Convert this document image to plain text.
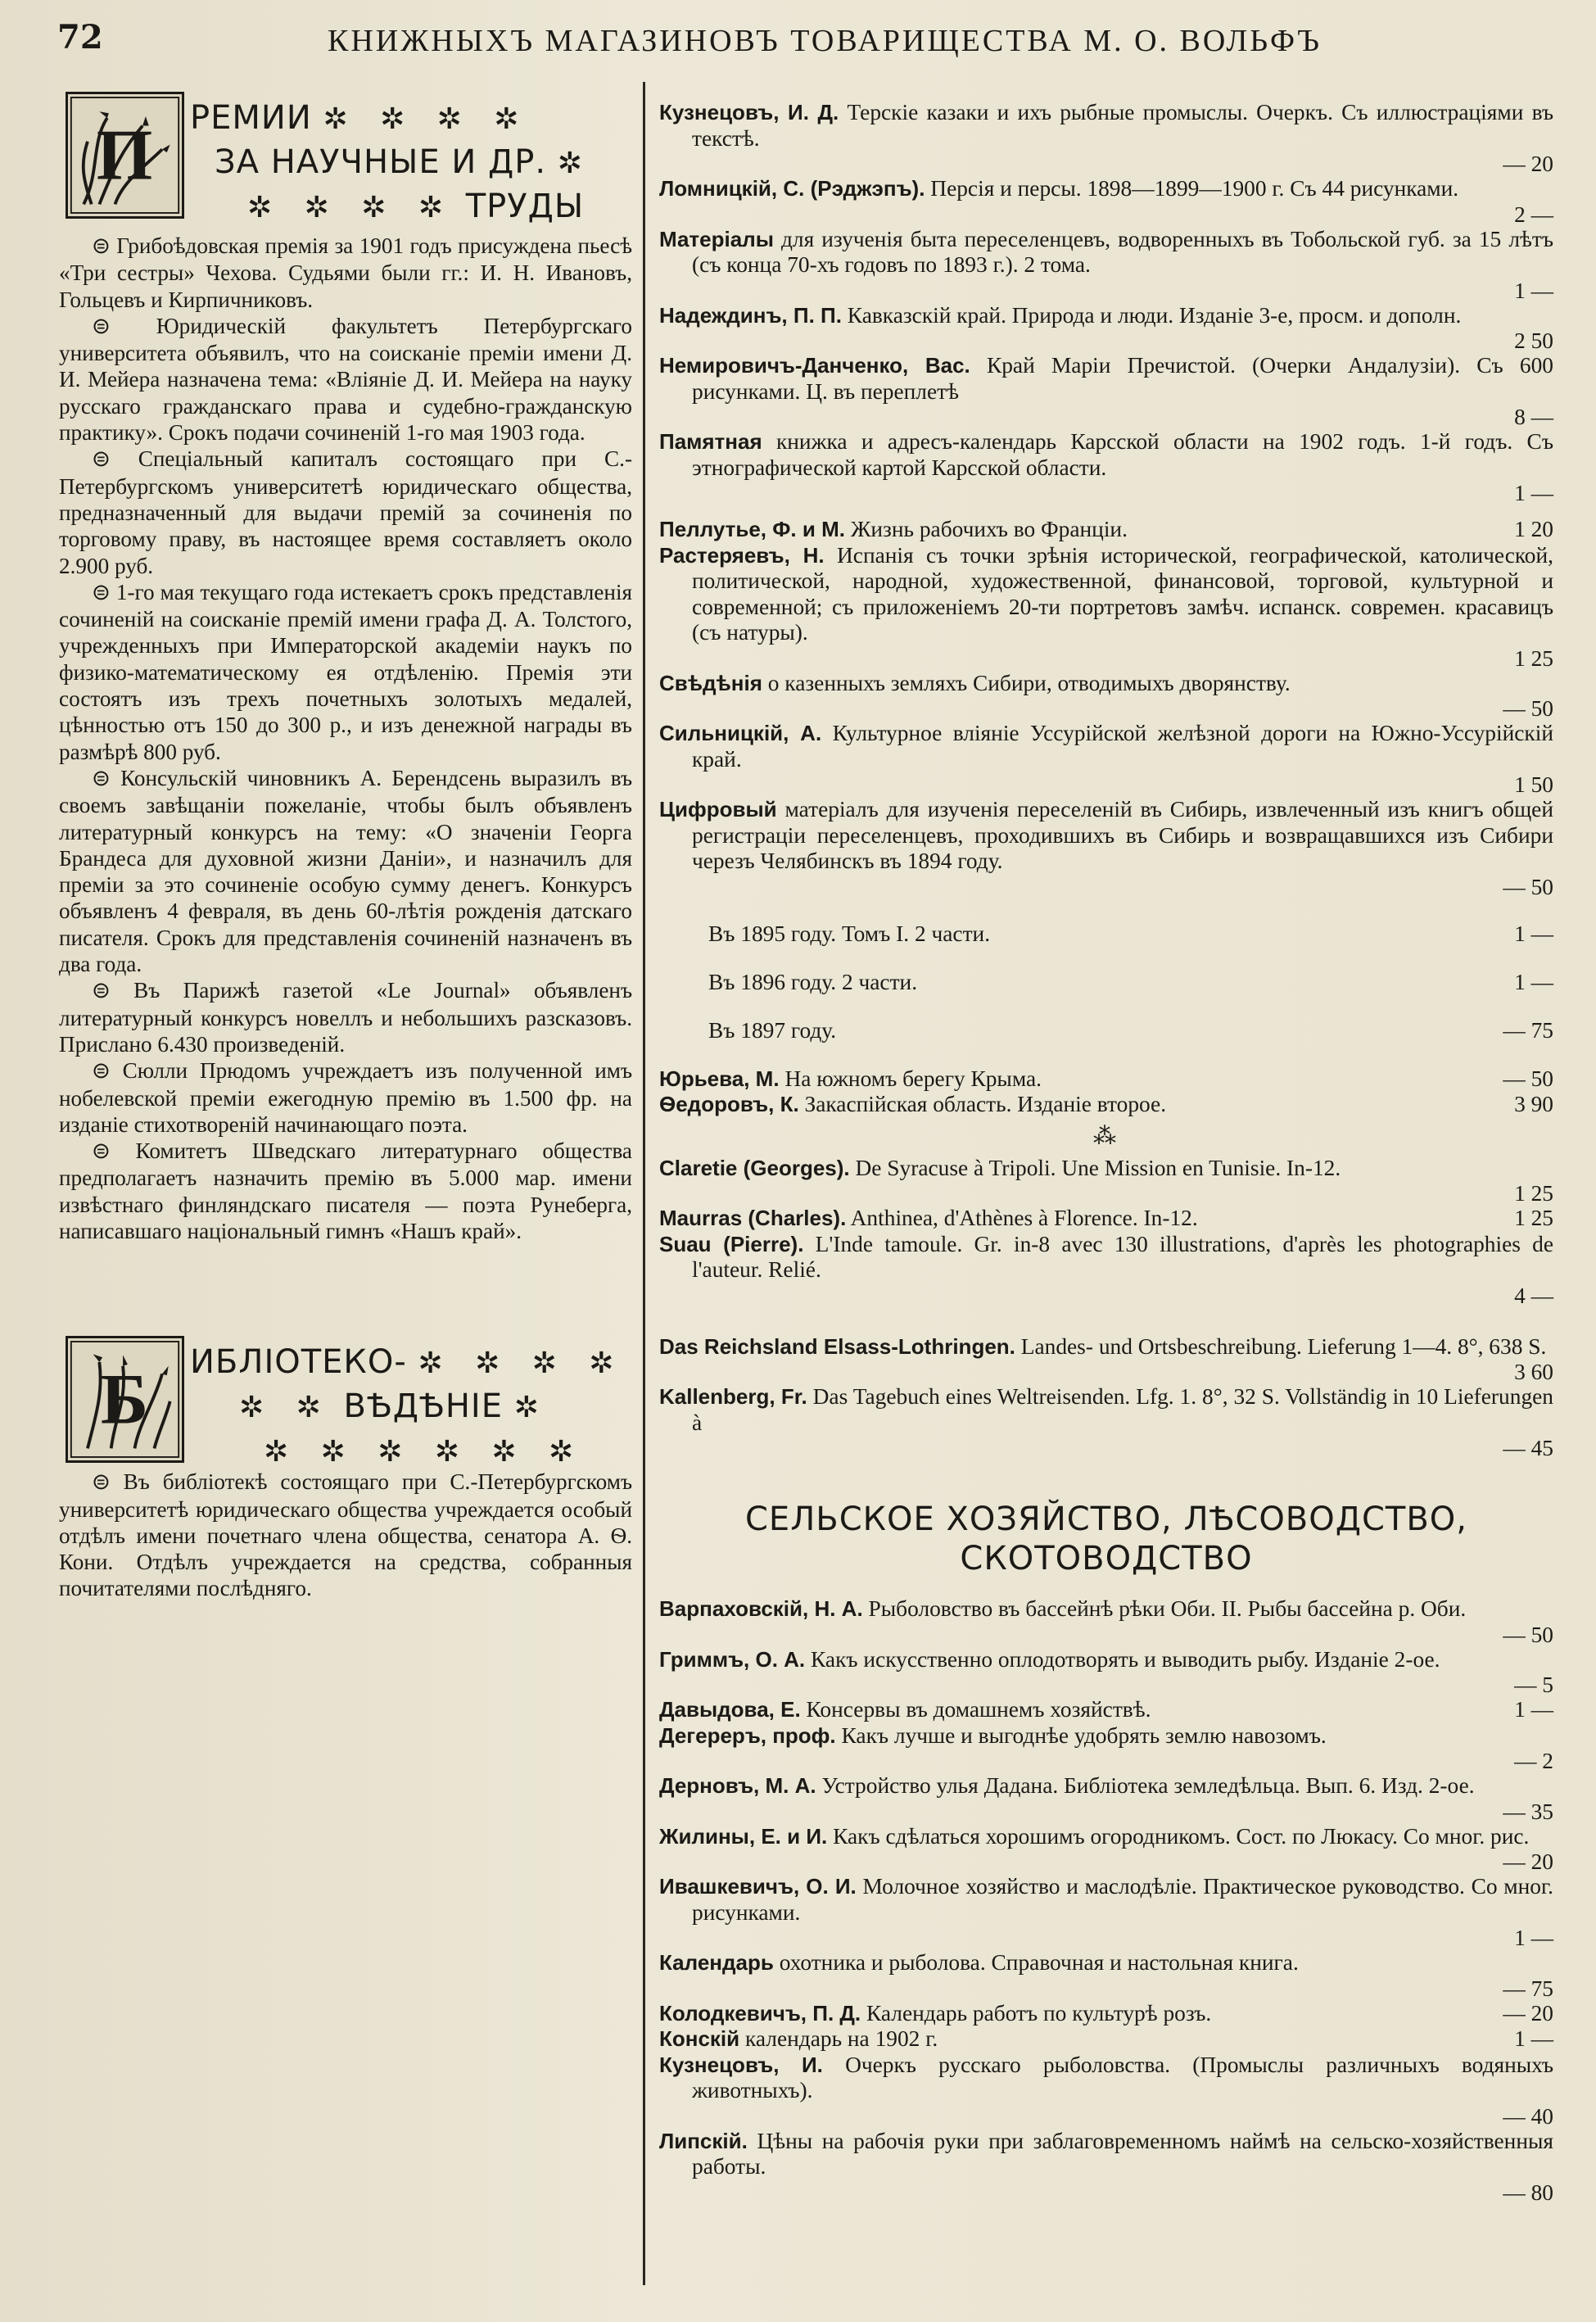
72	КНИЖНЫХЪ МАГАЗИНОВЪ ТОВАРИЩЕСТВА М. О. ВОЛЬФЪ
П РЕМИИ ✲ ✲ ✲ ✲
ЗА НАУЧНЫЕ И ДР. ✲
✲ ✲ ✲ ✲ ТРУДЫ

⊜ Грибоѣдовская премія за 1901 годъ присуждена пьесѣ «Три сестры» Чехова. Судьями были гг.: И. Н. Ивановъ, Гольцевъ и Кирпичниковъ.

⊜ Юридическій факультетъ Петербургскаго университета объявилъ, что на соисканіе преміи имени Д. И. Мейера назначена тема: «Вліяніе Д. И. Мейера на науку русскаго гражданскаго права и судебно-гражданскую практику». Срокъ подачи сочиненій 1-го мая 1903 года.

⊜ Спеціальный капиталъ состоящаго при С.-Петербургскомъ университетѣ юридическаго общества, предназначенный для выдачи премій за сочиненія по торговому праву, въ настоящее время составляетъ около 2.900 руб.

⊜ 1-го мая текущаго года истекаетъ срокъ представленія сочиненій на соисканіе премій имени графа Д. А. Толстого, учрежденныхъ при Императорской академіи наукъ по физико-математическому ея отдѣленію. Премія эти состоятъ изъ трехъ почетныхъ золотыхъ медалей, цѣнностью отъ 150 до 300 р., и изъ денежной награды въ размѣрѣ 800 руб.

⊜ Консульскій чиновникъ А. Берендсень выразилъ въ своемъ завѣщаніи пожеланіе, чтобы былъ объявленъ литературный конкурсъ на тему: «О значеніи Георга Брандеса для духовной жизни Даніи», и назначилъ для преміи за это сочиненіе особую сумму денегъ. Конкурсъ объявленъ 4 февраля, въ день 60-лѣтія рожденія датскаго писателя. Срокъ для представленія сочиненій назначенъ въ два года.

⊜ Въ Парижѣ газетой «Le Journal» объявленъ литературный конкурсъ новеллъ и небольшихъ разсказовъ. Прислано 6.430 произведеній.

⊜ Сюлли Прюдомъ учреждаетъ изъ полученной имъ нобелевской преміи ежегодную премію въ 1.500 фр. на изданіе стихотвореній начинающаго поэта.

⊜ Комитетъ Шведскаго литературнаго общества предполагаетъ назначить премію въ 5.000 мар. имени извѣстнаго финляндскаго писателя — поэта Рунеберга, написавшаго національный гимнъ «Нашъ край».

Б ИБЛІОТЕКО- ✲ ✲ ✲ ✲
✲ ✲ ВѢДѢНІЕ ✲
✲ ✲ ✲ ✲ ✲ ✲

⊜ Въ библіотекѣ состоящаго при С.-Петербургскомъ университетѣ юридическаго общества учреждается особый отдѣлъ имени почетнаго члена общества, сенатора А. Ѳ. Кони. Отдѣлъ учреждается на средства, собранныя почитателями послѣдняго.

Кузнецовъ, И. Д. Терскіе казаки и ихъ рыбные промыслы. Очеркъ. Съ иллюстраціями въ текстѣ.
— 20

Ломницкій, С. (Рэджэпъ). Персія и персы. 1898—1899—1900 г. Съ 44 рисунками.
2 —

Матеріалы для изученія быта переселенцевъ, водворенныхъ въ Тобольской губ. за 15 лѣтъ (съ конца 70-хъ годовъ по 1893 г.). 2 тома.
1 —

Надеждинъ, П. П. Кавказскій край. Природа и люди. Изданіе 3-е, просм. и дополн.
2 50

Немировичъ-Данченко, Вас. Край Маріи Пречистой. (Очерки Андалузіи). Съ 600 рисунками. Ц. въ переплетѣ
8 —

Памятная книжка и адресъ-календарь Карсской области на 1902 годъ. 1-й годъ. Съ этнографической картой Карсской области.
1 —

1 20
Пеллутье, Ф. и М. Жизнь рабочихъ во Франціи.

Растеряевъ, Н. Испанія съ точки зрѣнія исторической, географической, католической, политической, народной, художественной, финансовой, торговой, культурной и современной; съ приложеніемъ 20-ти портретовъ замѣч. испанск. современ. красавицъ (съ натуры).
1 25

Свѣдѣнія о казенныхъ земляхъ Сибири, отводимыхъ дворянству.
— 50

Сильницкій, А. Культурное вліяніе Уссурійской желѣзной дороги на Южно-Уссурійскій край.
1 50

Цифровый матеріалъ для изученія переселеній въ Сибирь, извлеченный изъ книгъ общей регистраціи переселенцевъ, проходившихъ въ Сибирь и возвращавшихся изъ Сибири черезъ Челябинскъ въ 1894 году.
— 50

1 —
Въ 1895 году. Томъ I. 2 части.

1 —
Въ 1896 году. 2 части.

— 75
Въ 1897 году.

— 50
Юрьева, М. На южномъ берегу Крыма.

3 90
Ѳедоровъ, К. Закаспійская область. Изданіе второе.

⁂

Claretie (Georges). De Syracuse à Tripoli. Une Mission en Tunisie. In-12.
1 25

1 25
Maurras (Charles). Anthinea, d'Athènes à Florence. In-12.

Suau (Pierre). L'Inde tamoule. Gr. in-8 avec 130 illustrations, d'après les photographies de l'auteur. Relié.
4 —

Das Reichsland Elsass-Lothringen. Landes- und Ortsbeschreibung. Lieferung 1—4. 8°, 638 S.
3 60

Kallenberg, Fr. Das Tagebuch eines Weltreisenden. Lfg. 1. 8°, 32 S. Vollständig in 10 Lieferungen à
— 45

СЕЛЬСКОЕ ХОЗЯЙСТВО, ЛѢСОВОДСТВО, СКОТОВОДСТВО

Варпаховскій, Н. А. Рыболовство въ бассейнѣ рѣки Оби. II. Рыбы бассейна р. Оби.
— 50

Гриммъ, О. А. Какъ искусственно оплодотворять и выводить рыбу. Изданіе 2-ое.
— 5

1 —
Давыдова, Е. Консервы въ домашнемъ хозяйствѣ.

Дегереръ, проф. Какъ лучше и выгоднѣе удобрять землю навозомъ.
— 2

Дерновъ, М. А. Устройство улья Дадана. Библіотека земледѣльца. Вып. 6. Изд. 2-ое.
— 35

Жилины, Е. и И. Какъ сдѣлаться хорошимъ огородникомъ. Сост. по Люкасу. Со мног. рис.
— 20

Ивашкевичъ, О. И. Молочное хозяйство и маслодѣліе. Практическое руководство. Со мног. рисунками.
1 —

Календарь охотника и рыболова. Справочная и настольная книга.
— 75

— 20
Колодкевичъ, П. Д. Календарь работъ по культурѣ розъ.

1 —
Конскій календарь на 1902 г.

Кузнецовъ, И. Очеркъ русскаго рыболовства. (Промыслы различныхъ водяныхъ животныхъ).
— 40

Липскій. Цѣны на рабочія руки при заблаговременномъ наймѣ на сельско-хозяйственныя работы.
— 80
